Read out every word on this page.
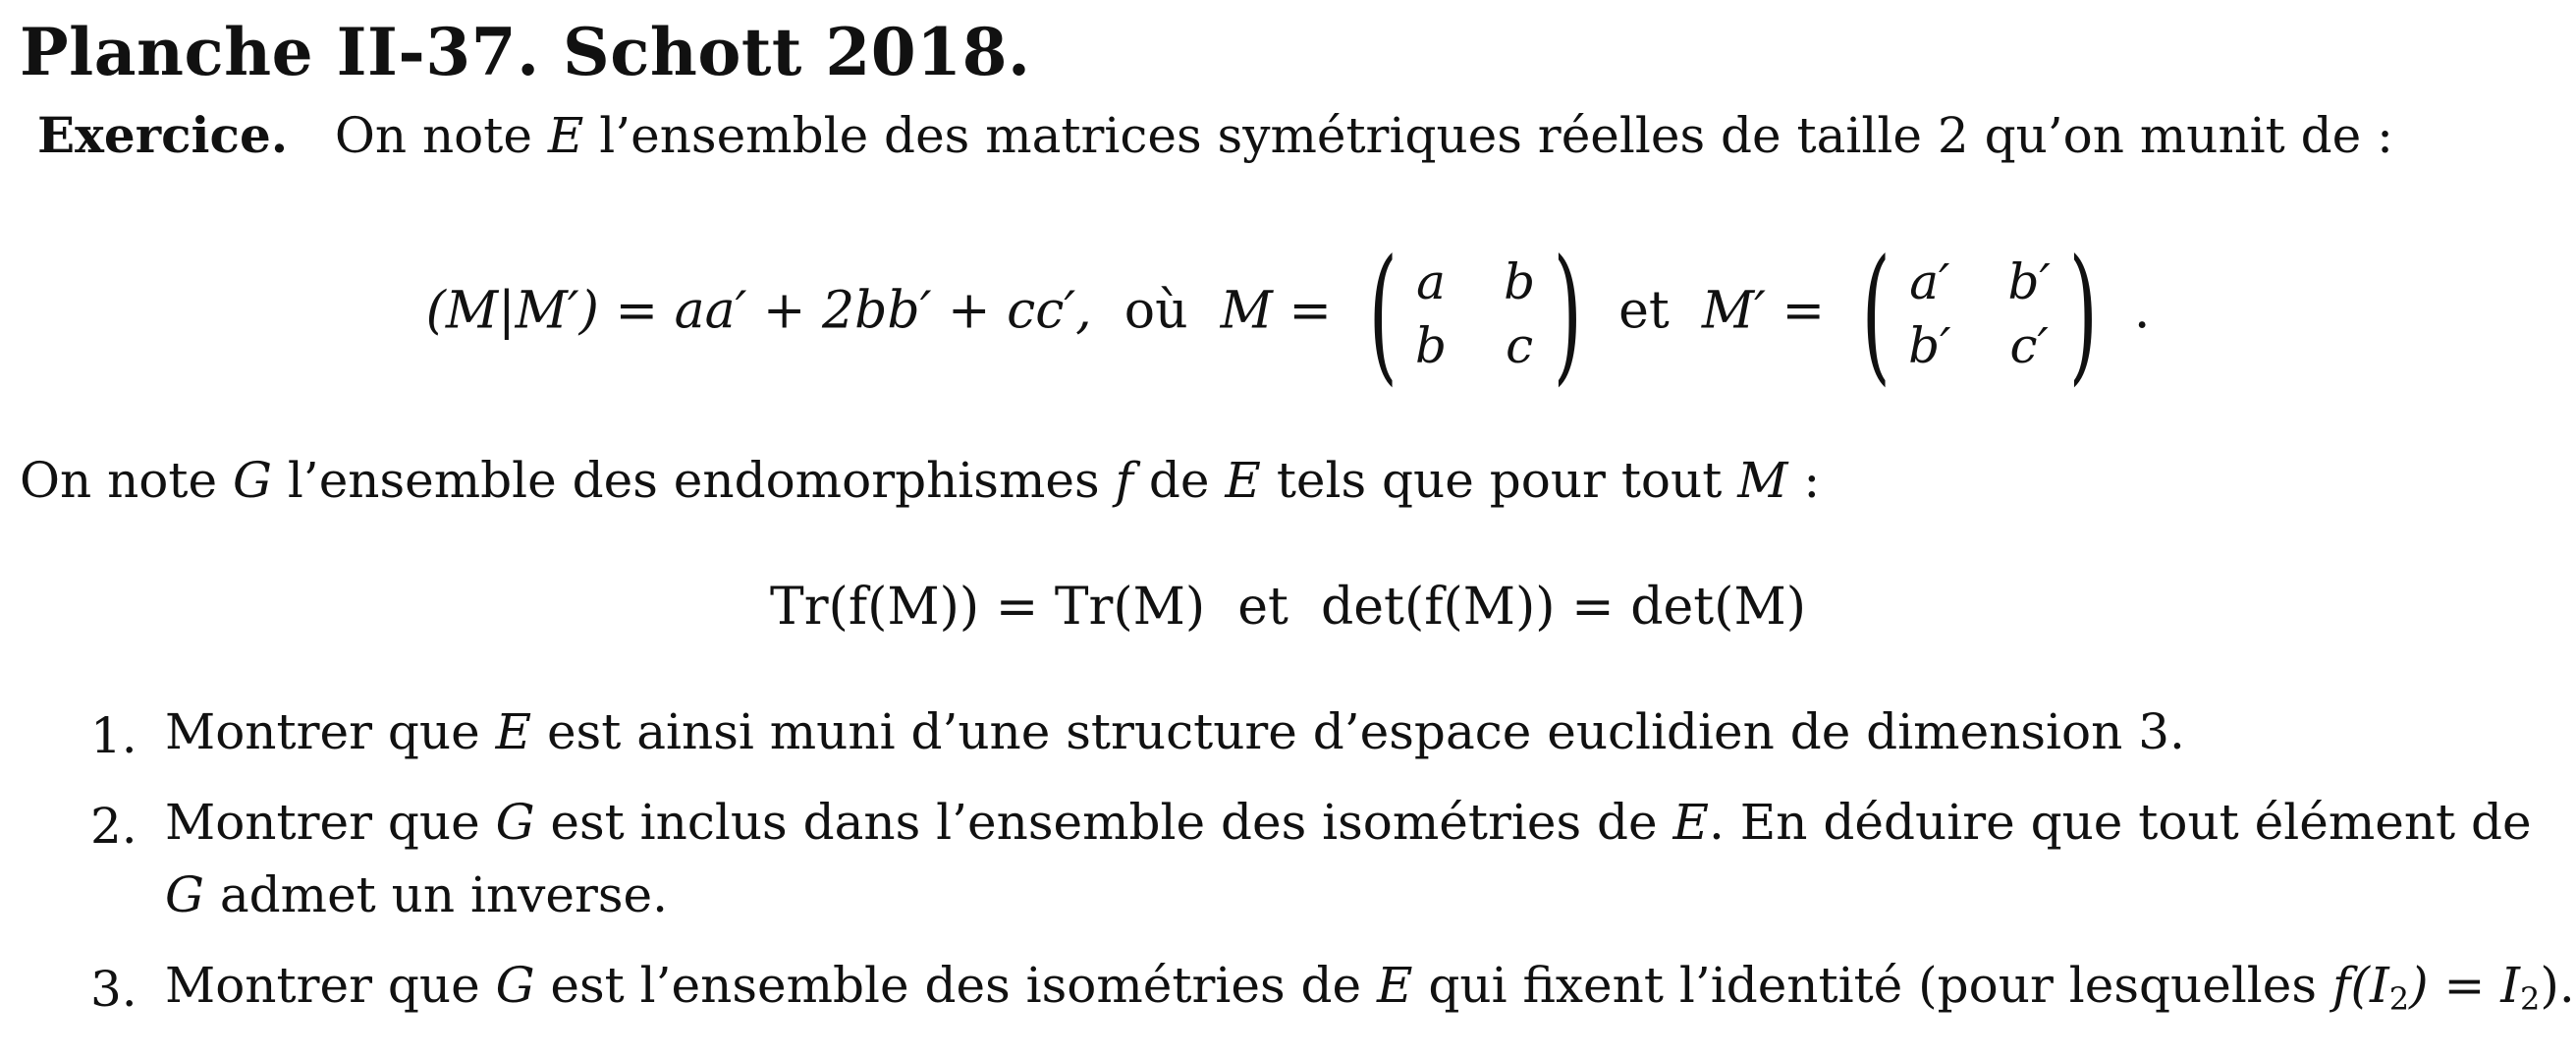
Planche II-37. Schott 2018.
Exercice. On note E l’ensemble des matrices symétriques réelles de taille 2 qu’on munit de :
(M|M′) = aa′ + 2bb′ + cc′, où M = ( a b
b c ) et M′ = ( a′ b′
b′ c′ ) .
On note G l’ensemble des endomorphismes f de E tels que pour tout M :
Tr(f(M)) = Tr(M) et det(f(M)) = det(M)
1. Montrer que E est ainsi muni d’une structure d’espace euclidien de dimension 3.
2. Montrer que G est inclus dans l’ensemble des isométries de E. En déduire que tout élément de
G admet un inverse.
3. Montrer que G est l’ensemble des isométries de E qui fixent l’identité (pour lesquelles $f(I_2) = I_2$).
